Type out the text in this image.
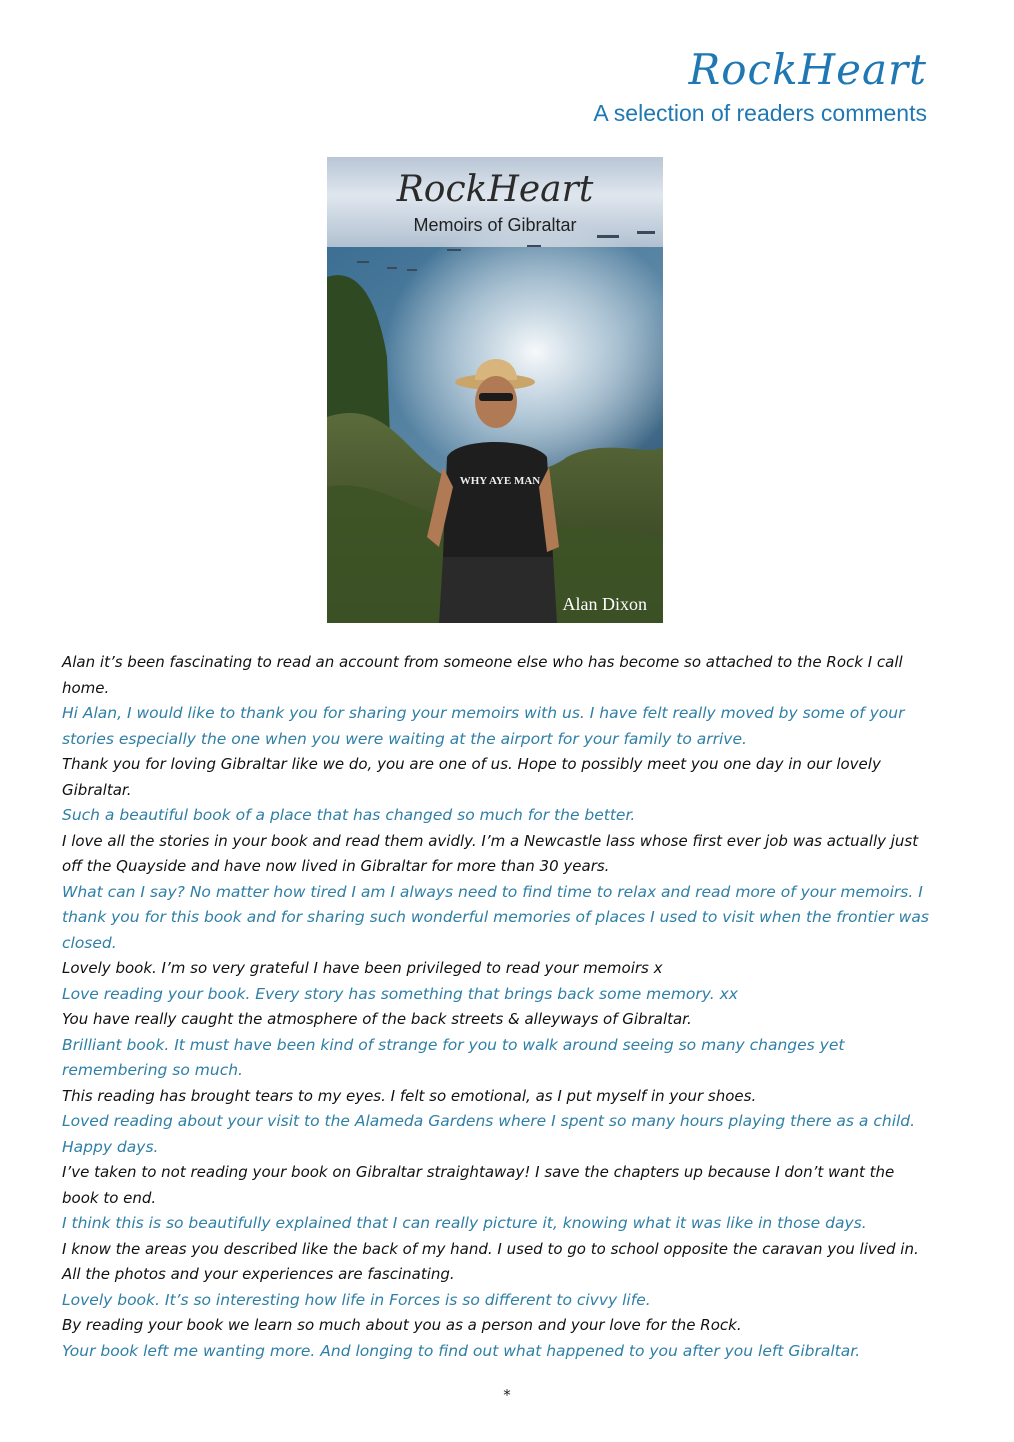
RockHeart
A selection of readers comments
RockHeart
Memoirs of Gibraltar
WHY AYE MAN
Alan Dixon

Alan it’s been fascinating to read an account from someone else who has become so attached to the Rock I call home.

Hi Alan, I would like to thank you for sharing your memoirs with us. I have felt really moved by some of your stories especially the one when you were waiting at the airport for your family to arrive.

Thank you for loving Gibraltar like we do, you are one of us. Hope to possibly meet you one day in our lovely Gibraltar.

Such a beautiful book of a place that has changed so much for the better.

I love all the stories in your book and read them avidly. I’m a Newcastle lass whose first ever job was actually just off the Quayside and have now lived in Gibraltar for more than 30 years.

What can I say? No matter how tired I am I always need to find time to relax and read more of your memoirs. I thank you for this book and for sharing such wonderful memories of places I used to visit when the frontier was closed.

Lovely book. I’m so very grateful I have been privileged to read your memoirs x

Love reading your book. Every story has something that brings back some memory. xx

You have really caught the atmosphere of the back streets & alleyways of Gibraltar.

Brilliant book. It must have been kind of strange for you to walk around seeing so many changes yet remembering so much.

This reading has brought tears to my eyes. I felt so emotional, as I put myself in your shoes.

Loved reading about your visit to the Alameda Gardens where I spent so many hours playing there as a child. Happy days.

I’ve taken to not reading your book on Gibraltar straightaway! I save the chapters up because I don’t want the book to end.

I think this is so beautifully explained that I can really picture it, knowing what it was like in those days.

I know the areas you described like the back of my hand. I used to go to school opposite the caravan you lived in. All the photos and your experiences are fascinating.

Lovely book. It’s so interesting how life in Forces is so different to civvy life.

By reading your book we learn so much about you as a person and your love for the Rock.

Your book left me wanting more. And longing to find out what happened to you after you left Gibraltar.

*
